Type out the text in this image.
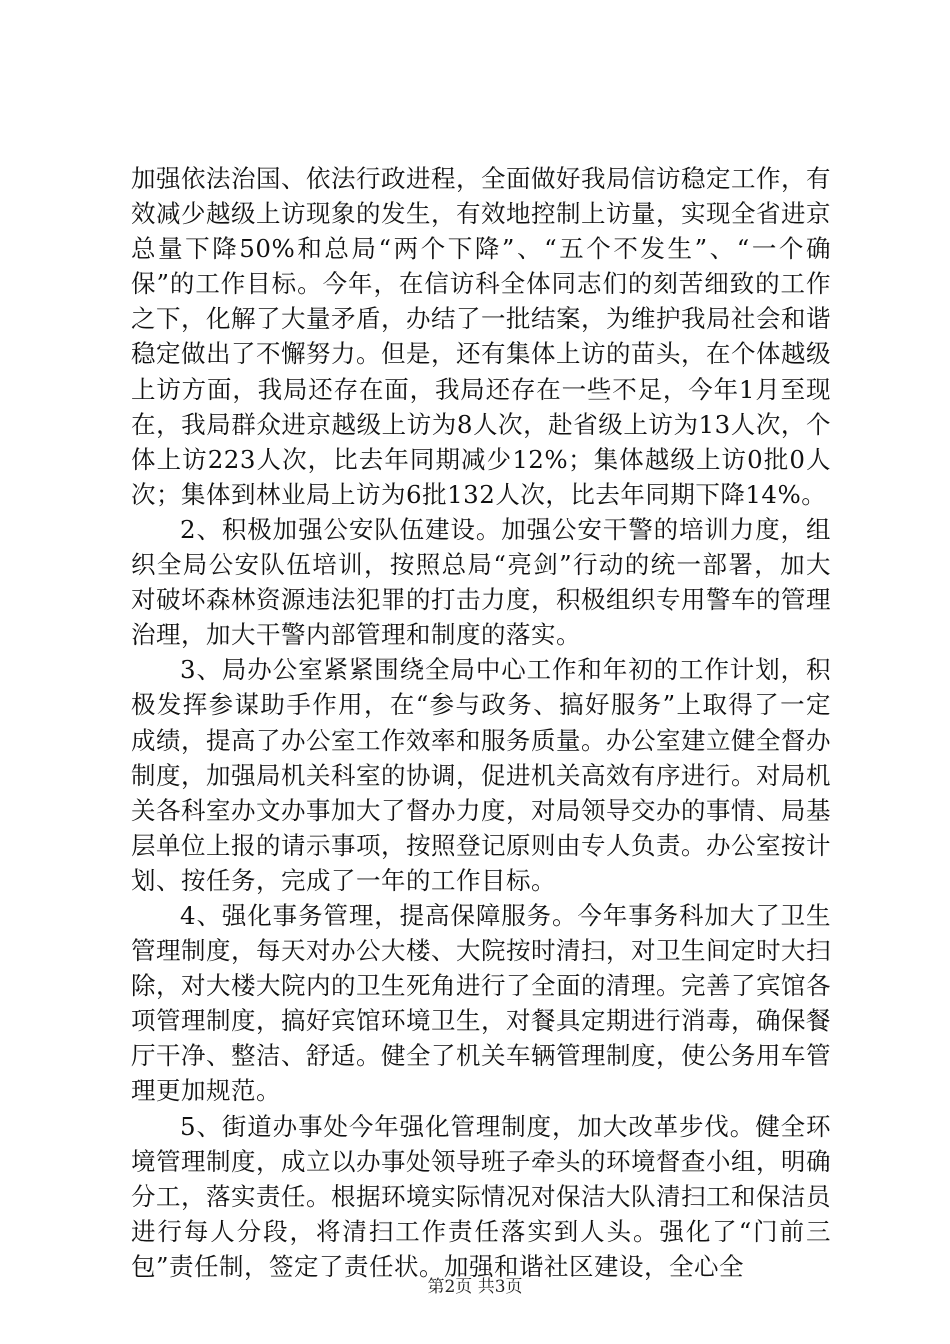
加强依法治国、依法行政进程，全面做好我局信访稳定工作，有效减少越级上访现象的发生，有效地控制上访量，实现全省进京总量下降50%和总局“两个下降”、“五个不发生”、“一个确保”的工作目标。今年，在信访科全体同志们的刻苦细致的工作之下，化解了大量矛盾，办结了一批结案，为维护我局社会和谐稳定做出了不懈努力。但是，还有集体上访的苗头，在个体越级上访方面，我局还存在面，我局还存在一些不足，今年1月至现在，我局群众进京越级上访为8人次，赴省级上访为13人次，个体上访223人次，比去年同期减少12%；集体越级上访0批0人次；集体到林业局上访为6批132人次，比去年同期下降14%。

2、积极加强公安队伍建设。加强公安干警的培训力度，组织全局公安队伍培训，按照总局“亮剑”行动的统一部署，加大对破坏森林资源违法犯罪的打击力度，积极组织专用警车的管理治理，加大干警内部管理和制度的落实。

3、局办公室紧紧围绕全局中心工作和年初的工作计划，积极发挥参谋助手作用，在“参与政务、搞好服务”上取得了一定成绩，提高了办公室工作效率和服务质量。办公室建立健全督办制度，加强局机关科室的协调，促进机关高效有序进行。对局机关各科室办文办事加大了督办力度，对局领导交办的事情、局基层单位上报的请示事项，按照登记原则由专人负责。办公室按计划、按任务，完成了一年的工作目标。

4、强化事务管理，提高保障服务。今年事务科加大了卫生管理制度，每天对办公大楼、大院按时清扫，对卫生间定时大扫除，对大楼大院内的卫生死角进行了全面的清理。完善了宾馆各项管理制度，搞好宾馆环境卫生，对餐具定期进行消毒，确保餐厅干净、整洁、舒适。健全了机关车辆管理制度，使公务用车管理更加规范。

5、街道办事处今年强化管理制度，加大改革步伐。健全环境管理制度，成立以办事处领导班子牵头的环境督查小组，明确分工，落实责任。根据环境实际情况对保洁大队清扫工和保洁员进行每人分段，将清扫工作责任落实到人头。强化了“门前三包”责任制，签定了责任状。加强和谐社区建设，全心全

第2页 共3页
